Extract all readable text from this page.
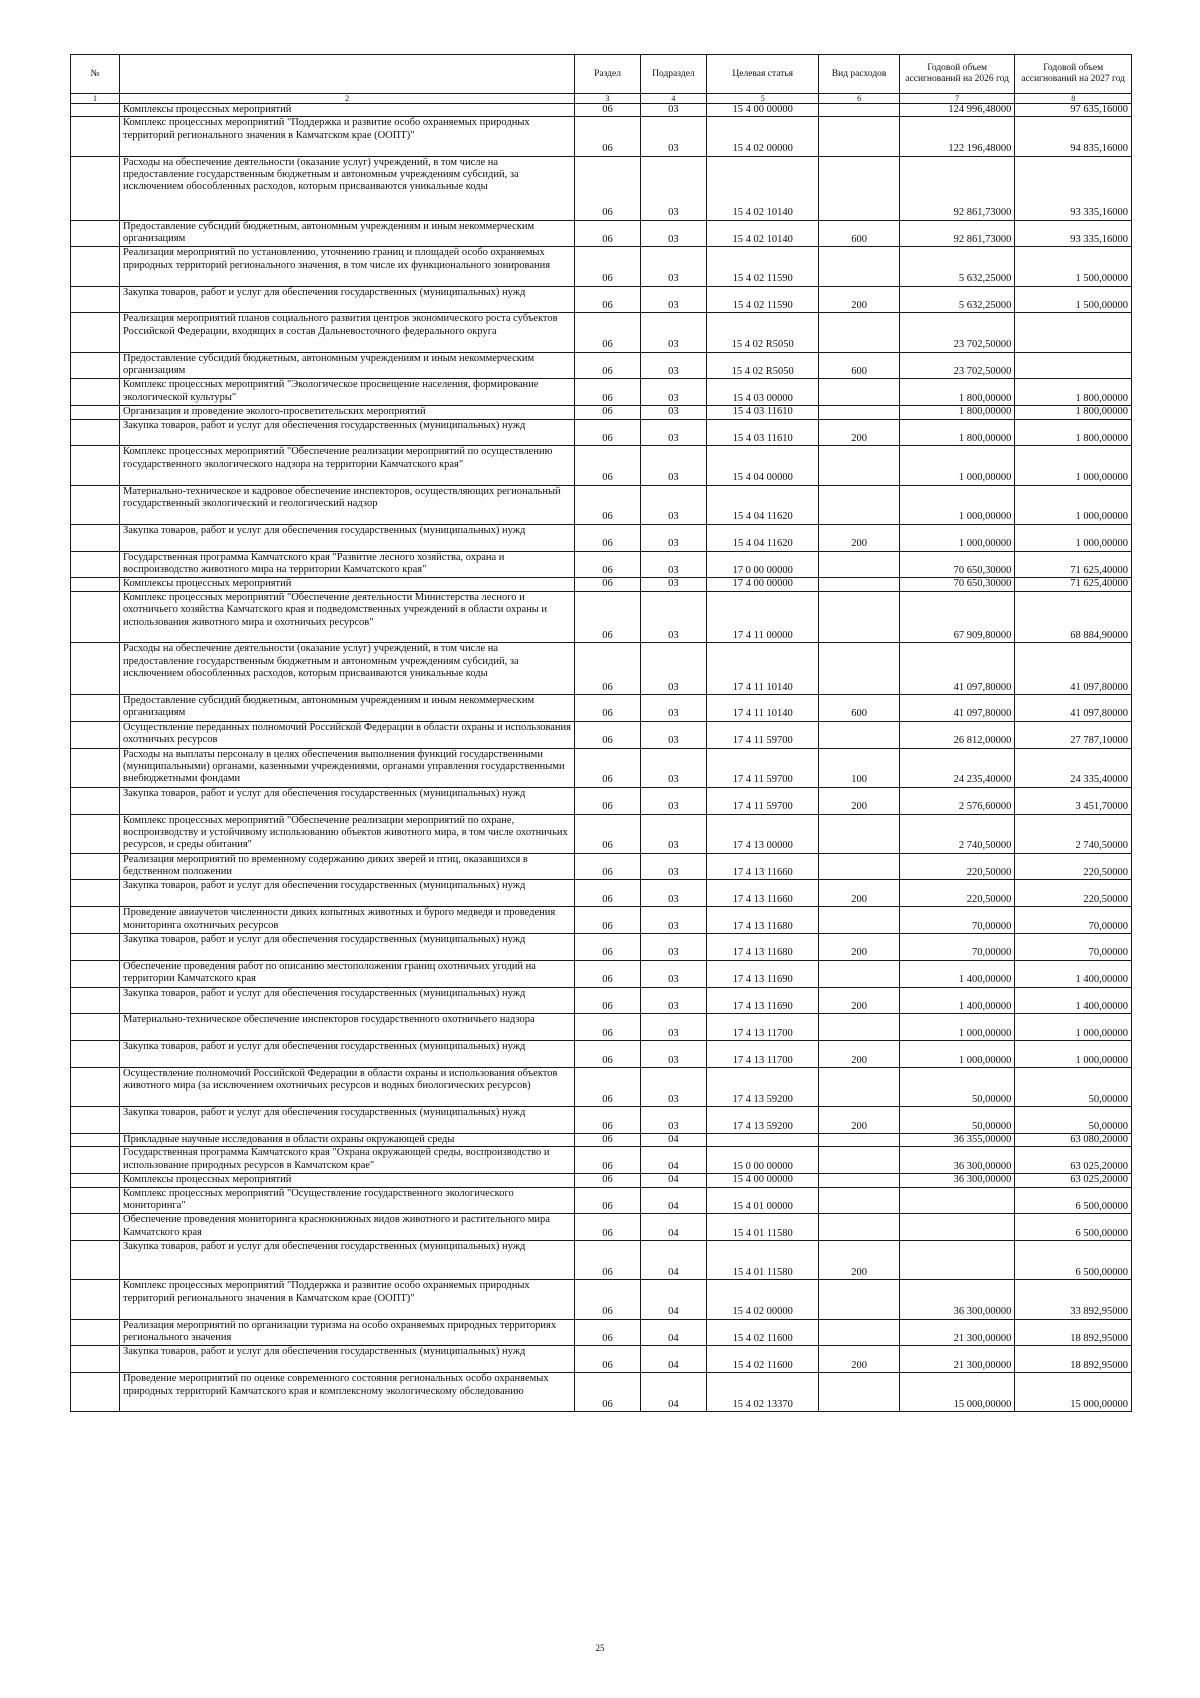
№		Раздел	Подраздел	Целевая статья	Вид расходов	Годовой объем ассигнований на 2026 год	Годовой объем ассигнований на 2027 год
1	2	3	4	5	6	7	8
	Комплексы процессных мероприятий	06	03	15 4 00 00000		124 996,48000	97 635,16000
	Комплекс процессных мероприятий "Поддержка и развитие особо охраняемых природных территорий регионального значения в Камчатском крае (ООПТ)"	06	03	15 4 02 00000		122 196,48000	94 835,16000
	Расходы на обеспечение деятельности (оказание услуг) учреждений, в том числе на предоставление государственным бюджетным и автономным учреждениям субсидий, за исключением обособленных расходов, которым присваиваются уникальные коды	06	03	15 4 02 10140		92 861,73000	93 335,16000
	Предоставление субсидий бюджетным, автономным учреждениям и иным некоммерческим организациям	06	03	15 4 02 10140	600	92 861,73000	93 335,16000
	Реализация мероприятий по установлению, уточнению границ и площадей особо охраняемых природных территорий регионального значения, в том числе их функционального зонирования	06	03	15 4 02 11590		5 632,25000	1 500,00000
	Закупка товаров, работ и услуг для обеспечения государственных (муниципальных) нужд	06	03	15 4 02 11590	200	5 632,25000	1 500,00000
	Реализация мероприятий планов социального развития центров экономического роста субъектов Российской Федерации, входящих в состав Дальневосточного федерального округа	06	03	15 4 02 R5050		23 702,50000	
	Предоставление субсидий бюджетным, автономным учреждениям и иным некоммерческим организациям	06	03	15 4 02 R5050	600	23 702,50000	
	Комплекс процессных мероприятий "Экологическое просвещение населения, формирование экологической культуры"	06	03	15 4 03 00000		1 800,00000	1 800,00000
	Организация и проведение эколого-просветительских мероприятий	06	03	15 4 03 11610		1 800,00000	1 800,00000
	Закупка товаров, работ и услуг для обеспечения государственных (муниципальных) нужд	06	03	15 4 03 11610	200	1 800,00000	1 800,00000
	Комплекс процессных мероприятий "Обеспечение реализации мероприятий по осуществлению государственного экологического надзора на территории Камчатского края"	06	03	15 4 04 00000		1 000,00000	1 000,00000
	Материально-техническое и кадровое обеспечение инспекторов, осуществляющих региональный государственный экологический и геологический надзор	06	03	15 4 04 11620		1 000,00000	1 000,00000
	Закупка товаров, работ и услуг для обеспечения государственных (муниципальных) нужд	06	03	15 4 04 11620	200	1 000,00000	1 000,00000
	Государственная программа Камчатского края "Развитие лесного хозяйства, охрана и воспроизводство животного мира на территории Камчатского края"	06	03	17 0 00 00000		70 650,30000	71 625,40000
	Комплексы процессных мероприятий	06	03	17 4 00 00000		70 650,30000	71 625,40000
	Комплекс процессных мероприятий "Обеспечение деятельности Министерства лесного и охотничьего хозяйства Камчатского края и подведомственных учреждений в области охраны и использования животного мира и охотничьих ресурсов"	06	03	17 4 11 00000		67 909,80000	68 884,90000
	Расходы на обеспечение деятельности (оказание услуг) учреждений, в том числе на предоставление государственным бюджетным и автономным учреждениям субсидий, за исключением обособленных расходов, которым присваиваются уникальные коды	06	03	17 4 11 10140		41 097,80000	41 097,80000
	Предоставление субсидий бюджетным, автономным учреждениям и иным некоммерческим организациям	06	03	17 4 11 10140	600	41 097,80000	41 097,80000
	Осуществление переданных полномочий Российской Федерации в области охраны и использования охотничьих ресурсов	06	03	17 4 11 59700		26 812,00000	27 787,10000
	Расходы на выплаты персоналу в целях обеспечения выполнения функций государственными (муниципальными) органами, казенными учреждениями, органами управления государственными внебюджетными фондами	06	03	17 4 11 59700	100	24 235,40000	24 335,40000
	Закупка товаров, работ и услуг для обеспечения государственных (муниципальных) нужд	06	03	17 4 11 59700	200	2 576,60000	3 451,70000
	Комплекс процессных мероприятий "Обеспечение реализации мероприятий по охране, воспроизводству и устойчивому использованию объектов животного мира, в том числе охотничьих ресурсов, и среды обитания"	06	03	17 4 13 00000		2 740,50000	2 740,50000
	Реализация мероприятий по временному содержанию диких зверей и птиц, оказавшихся в бедственном положении	06	03	17 4 13 11660		220,50000	220,50000
	Закупка товаров, работ и услуг для обеспечения государственных (муниципальных) нужд	06	03	17 4 13 11660	200	220,50000	220,50000
	Проведение авиаучетов численности диких копытных животных и бурого медведя и проведения мониторинга охотничьих ресурсов	06	03	17 4 13 11680		70,00000	70,00000
	Закупка товаров, работ и услуг для обеспечения государственных (муниципальных) нужд	06	03	17 4 13 11680	200	70,00000	70,00000
	Обеспечение проведения работ по описанию местоположения границ охотничьих угодий на территории Камчатского края	06	03	17 4 13 11690		1 400,00000	1 400,00000
	Закупка товаров, работ и услуг для обеспечения государственных (муниципальных) нужд	06	03	17 4 13 11690	200	1 400,00000	1 400,00000
	Материально-техническое обеспечение инспекторов государственного охотничьего надзора	06	03	17 4 13 11700		1 000,00000	1 000,00000
	Закупка товаров, работ и услуг для обеспечения государственных (муниципальных) нужд	06	03	17 4 13 11700	200	1 000,00000	1 000,00000
	Осуществление полномочий Российской Федерации в области охраны и использования объектов животного мира (за исключением охотничьих ресурсов и водных биологических ресурсов)	06	03	17 4 13 59200		50,00000	50,00000
	Закупка товаров, работ и услуг для обеспечения государственных (муниципальных) нужд	06	03	17 4 13 59200	200	50,00000	50,00000
	Прикладные научные исследования в области охраны окружающей среды	06	04			36 355,00000	63 080,20000
	Государственная программа Камчатского края "Охрана окружающей среды, воспроизводство и использование природных ресурсов в Камчатском крае"	06	04	15 0 00 00000		36 300,00000	63 025,20000
	Комплексы процессных мероприятий	06	04	15 4 00 00000		36 300,00000	63 025,20000
	Комплекс процессных мероприятий "Осуществление государственного экологического мониторинга"	06	04	15 4 01 00000			6 500,00000
	Обеспечение проведения мониторинга краснокнижных видов животного и растительного мира Камчатского края	06	04	15 4 01 11580			6 500,00000
	Закупка товаров, работ и услуг для обеспечения государственных (муниципальных) нужд	06	04	15 4 01 11580	200		6 500,00000
	Комплекс процессных мероприятий "Поддержка и развитие особо охраняемых природных территорий регионального значения в Камчатском крае (ООПТ)"	06	04	15 4 02 00000		36 300,00000	33 892,95000
	Реализация мероприятий по организации туризма на особо охраняемых природных территориях регионального значения	06	04	15 4 02 11600		21 300,00000	18 892,95000
	Закупка товаров, работ и услуг для обеспечения государственных (муниципальных) нужд	06	04	15 4 02 11600	200	21 300,00000	18 892,95000
	Проведение мероприятий по оценке современного состояния региональных особо охраняемых природных территорий Камчатского края и комплексному экологическому обследованию	06	04	15 4 02 13370		15 000,00000	15 000,00000
25
